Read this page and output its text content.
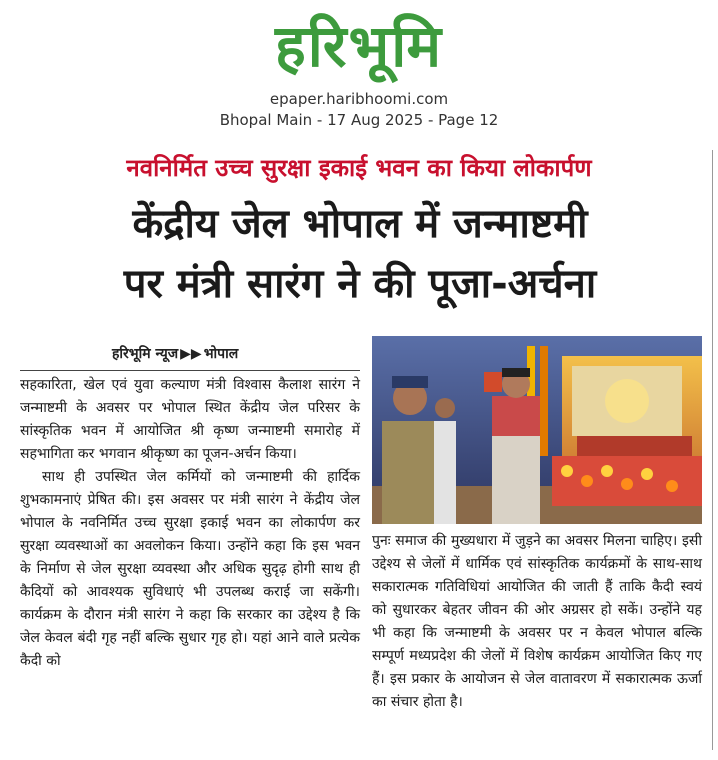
हरिभूमि
epaper.haribhoomi.com
Bhopal Main - 17 Aug 2025 - Page 12
नवनिर्मित उच्च सुरक्षा इकाई भवन का किया लोकार्पण
केंद्रीय जेल भोपाल में जन्माष्टमी
पर मंत्री सारंग ने की पूजा-अर्चना
हरिभूमि न्यूज ▶▶ भोपाल

सहकारिता, खेल एवं युवा कल्याण मंत्री विश्वास कैलाश सारंग ने जन्माष्टमी के अवसर पर भोपाल स्थित केंद्रीय जेल परिसर के सांस्कृतिक भवन में आयोजित श्री कृष्ण जन्माष्टमी समारोह में सहभागिता कर भगवान श्रीकृष्ण का पूजन-अर्चन किया।

साथ ही उपस्थित जेल कर्मियों को जन्माष्टमी की हार्दिक शुभकामनाएं प्रेषित की। इस अवसर पर मंत्री सारंग ने केंद्रीय जेल भोपाल के नवनिर्मित उच्च सुरक्षा इकाई भवन का लोकार्पण कर सुरक्षा व्यवस्थाओं का अवलोकन किया। उन्होंने कहा कि इस भवन के निर्माण से जेल सुरक्षा व्यवस्था और अधिक सुदृढ़ होगी साथ ही कैदियों को आवश्यक सुविधाएं भी उपलब्ध कराई जा सकेंगी। कार्यक्रम के दौरान मंत्री सारंग ने कहा कि सरकार का उद्देश्य है कि जेल केवल बंदी गृह नहीं बल्कि सुधार गृह हो। यहां आने वाले प्रत्येक कैदी को

पुनः समाज की मुख्यधारा में जुड़ने का अवसर मिलना चाहिए। इसी उद्देश्य से जेलों में धार्मिक एवं सांस्कृतिक कार्यक्रमों के साथ-साथ सकारात्मक गतिविधियां आयोजित की जाती हैं ताकि कैदी स्वयं को सुधारकर बेहतर जीवन की ओर अग्रसर हो सकें। उन्होंने यह भी कहा कि जन्माष्टमी के अवसर पर न केवल भोपाल बल्कि सम्पूर्ण मध्यप्रदेश की जेलों में विशेष कार्यक्रम आयोजित किए गए हैं। इस प्रकार के आयोजन से जेल वातावरण में सकारात्मक ऊर्जा का संचार होता है।
